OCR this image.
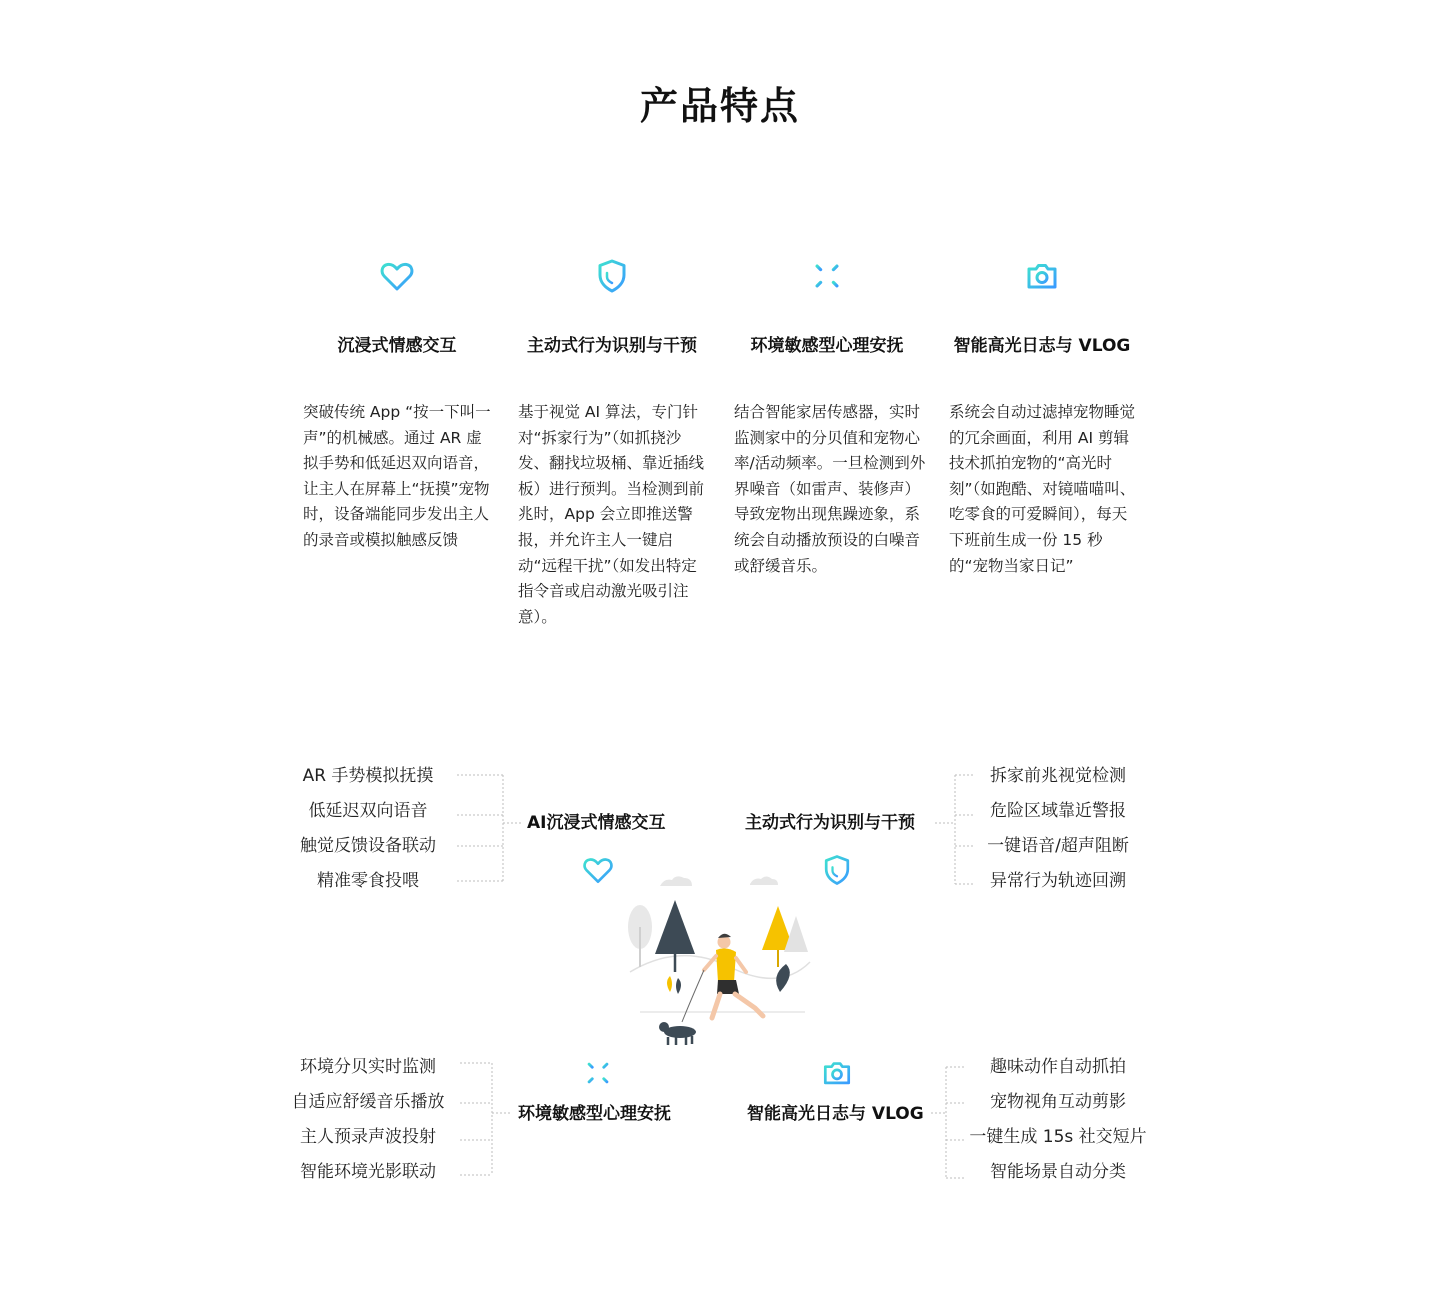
产品特点
沉浸式情感交互
突破传统 App “按一下叫一声”的机械感。通过 AR 虚拟手势和低延迟双向语音，让主人在屏幕上“抚摸”宠物时，设备端能同步发出主人的录音或模拟触感反馈
主动式行为识别与干预
基于视觉 AI 算法，专门针对“拆家行为”（如抓挠沙发、翻找垃圾桶、靠近插线板）进行预判。当检测到前兆时，App 会立即推送警报，并允许主人一键启动“远程干扰”（如发出特定指令音或启动激光吸引注意）。
环境敏感型心理安抚
结合智能家居传感器，实时监测家中的分贝值和宠物心率/活动频率。一旦检测到外界噪音（如雷声、装修声）导致宠物出现焦躁迹象，系统会自动播放预设的白噪音或舒缓音乐。
智能高光日志与 VLOG
系统会自动过滤掉宠物睡觉的冗余画面，利用 AI 剪辑技术抓拍宠物的“高光时刻”（如跑酷、对镜喵喵叫、吃零食的可爱瞬间），每天下班前生成一份 15 秒的“宠物当家日记”
AI沉浸式情感交互	主动式行为识别与干预
环境敏感型心理安抚	智能高光日志与 VLOG
AR 手势模拟抚摸
低延迟双向语音
触觉反馈设备联动
精准零食投喂
拆家前兆视觉检测
危险区域靠近警报
一键语音/超声阻断
异常行为轨迹回溯
环境分贝实时监测
自适应舒缓音乐播放
主人预录声波投射
智能环境光影联动
趣味动作自动抓拍
宠物视角互动剪影
一键生成 15s 社交短片
智能场景自动分类
